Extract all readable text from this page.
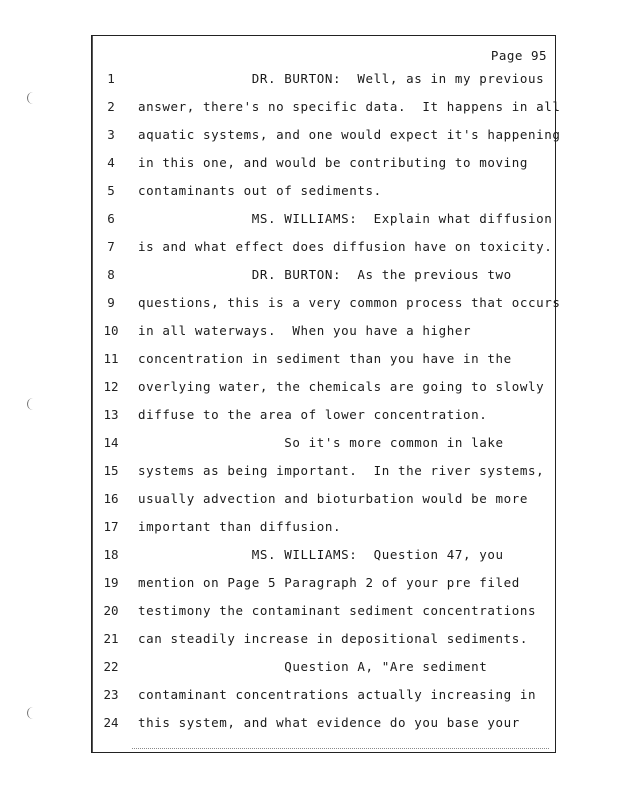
Page 95
1
2
3
4
5
6
7
8
9
10
11
12
13
14
15
16
17
18
19
20
21
22
23
24
DR. BURTON:  Well, as in my previous
answer, there's no specific data.  It happens in all
aquatic systems, and one would expect it's happening
in this one, and would be contributing to moving
contaminants out of sediments.
MS. WILLIAMS:  Explain what diffusion
is and what effect does diffusion have on toxicity.
DR. BURTON:  As the previous two
questions, this is a very common process that occurs
in all waterways.  When you have a higher
concentration in sediment than you have in the
overlying water, the chemicals are going to slowly
diffuse to the area of lower concentration.
So it's more common in lake
systems as being important.  In the river systems,
usually advection and bioturbation would be more
important than diffusion.
MS. WILLIAMS:  Question 47, you
mention on Page 5 Paragraph 2 of your pre filed
testimony the contaminant sediment concentrations
can steadily increase in depositional sediments.
Question A, "Are sediment
contaminant concentrations actually increasing in
this system, and what evidence do you base your
